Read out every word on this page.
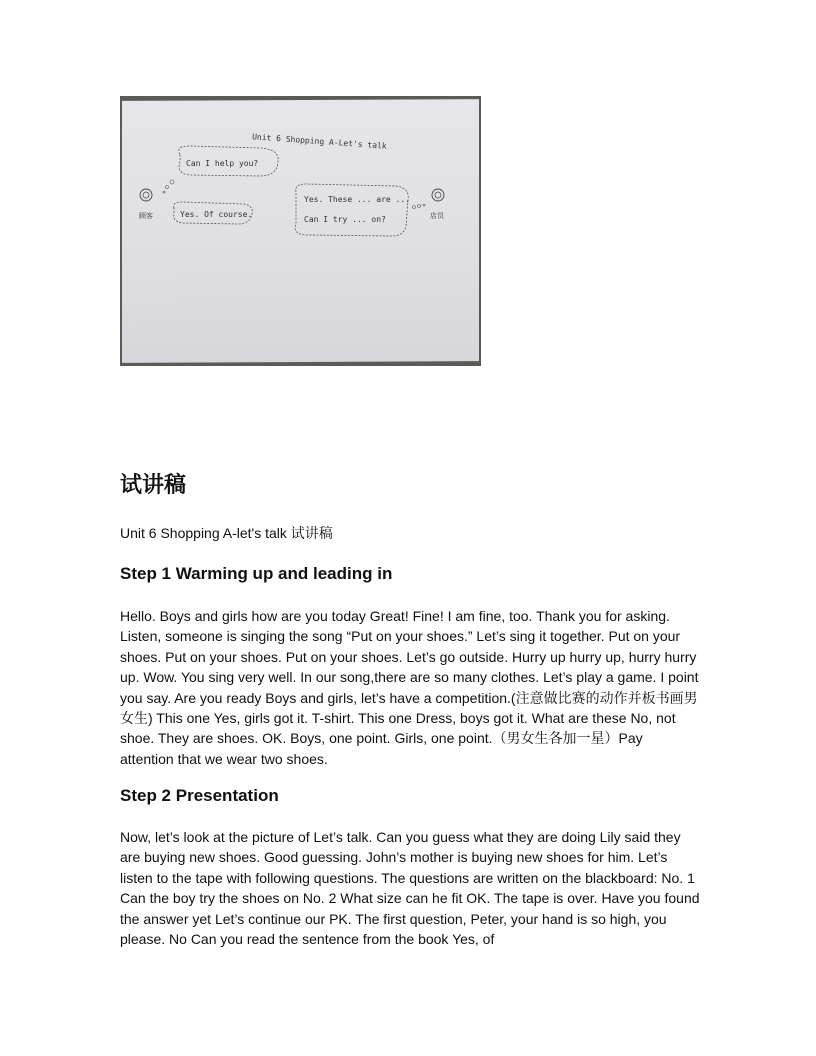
Unit 6 Shopping A-Let's talk
Can I help you?
Yes. Of course.
顾客
Yes. These ... are ...
Can I try ... on?	店员
试讲稿

Unit 6 Shopping A-let's talk 试讲稿

Step 1 Warming up and leading in

Hello. Boys and girls how are you today Great! Fine! I am fine, too. Thank you for asking. Listen, someone is singing the song “Put on your shoes.” Let’s sing it together. Put on your shoes. Put on your shoes. Put on your shoes. Let’s go outside. Hurry up hurry up, hurry hurry up. Wow. You sing very well. In our song,there are so many clothes. Let’s play a game. I point you say. Are you ready Boys and girls, let’s have a competition.(注意做比赛的动作并板书画男女生) This one Yes, girls got it. T-shirt. This one Dress, boys got it. What are these No, not shoe. They are shoes. OK. Boys, one point. Girls, one point.（男女生各加一星）Pay attention that we wear two shoes.

Step 2 Presentation

Now, let’s look at the picture of Let’s talk. Can you guess what they are doing Lily said they are buying new shoes. Good guessing. John’s mother is buying new shoes for him. Let’s listen to the tape with following questions. The questions are written on the blackboard: No. 1 Can the boy try the shoes on No. 2 What size can he fit OK. The tape is over. Have you found the answer yet Let’s continue our PK. The first question, Peter, your hand is so high, you please. No Can you read the sentence from the book Yes, of
